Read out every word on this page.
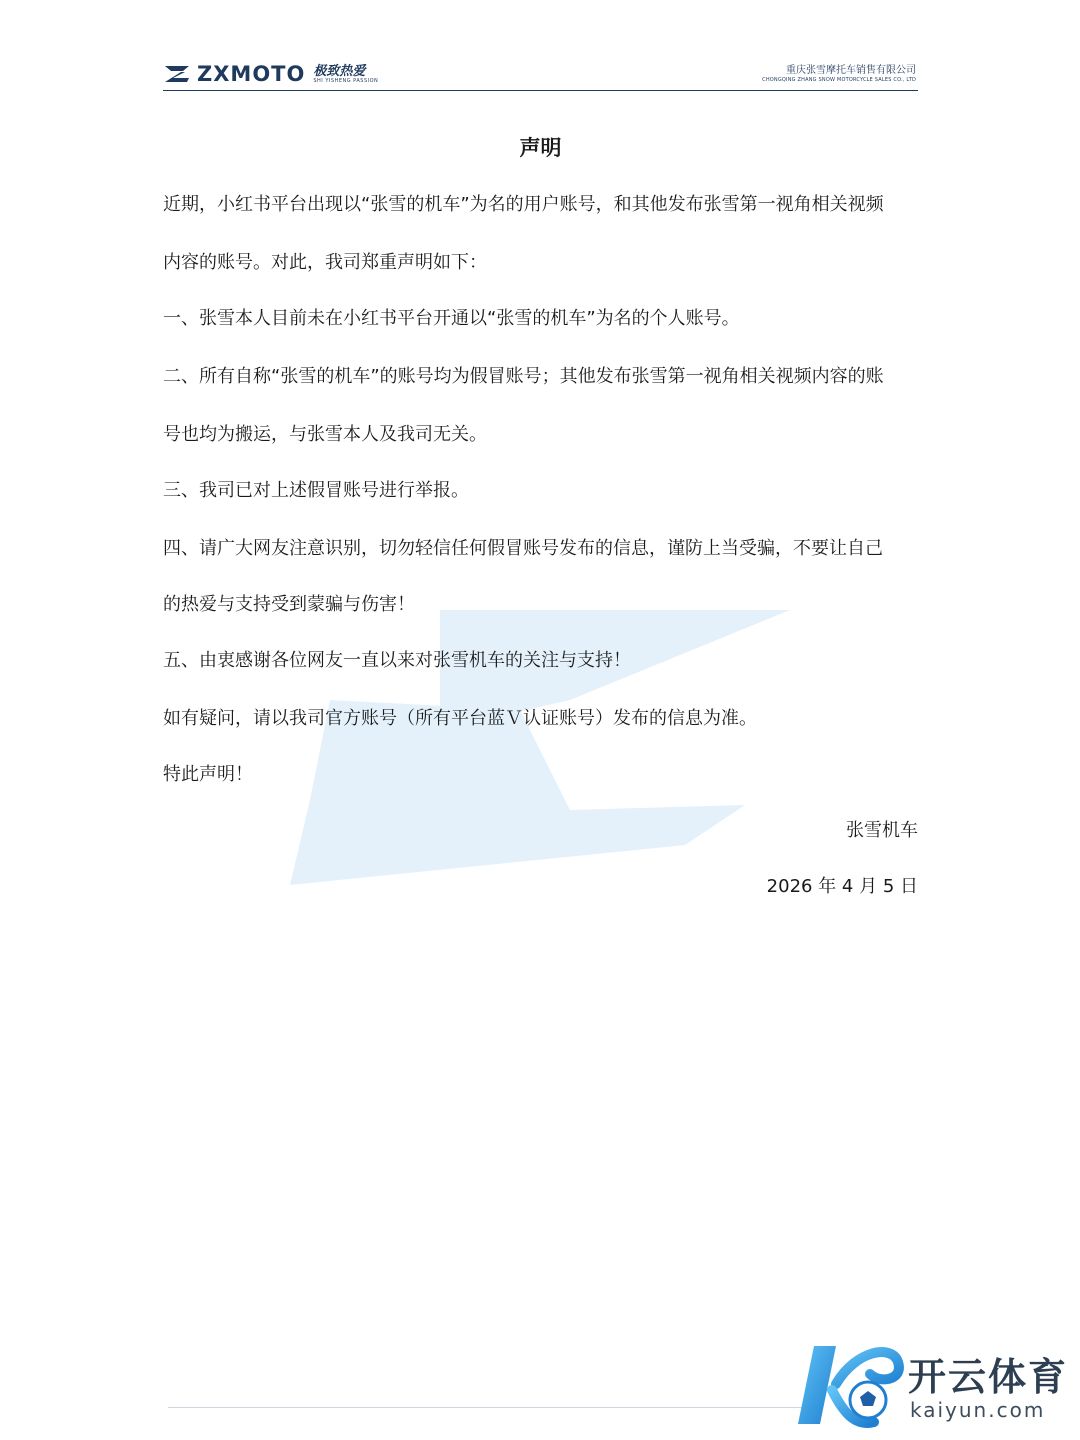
ZXMOTO 极致热爱
SHI YISHENG PASSION
重庆张雪摩托车销售有限公司
CHONGQING ZHANG SNOW MOTORCYCLE SALES CO., LTD
声明
近期，小红书平台出现以“张雪的机车”为名的用户账号，和其他发布张雪第一视角相关视频
内容的账号。对此，我司郑重声明如下：
一、张雪本人目前未在小红书平台开通以“张雪的机车”为名的个人账号。
二、所有自称“张雪的机车”的账号均为假冒账号；其他发布张雪第一视角相关视频内容的账
号也均为搬运，与张雪本人及我司无关。
三、我司已对上述假冒账号进行举报。
四、请广大网友注意识别，切勿轻信任何假冒账号发布的信息，谨防上当受骗，不要让自己
的热爱与支持受到蒙骗与伤害！
五、由衷感谢各位网友一直以来对张雪机车的关注与支持！
如有疑问，请以我司官方账号（所有平台蓝Ｖ认证账号）发布的信息为准。
特此声明！
张雪机车
2026 年 4 月 5 日
开云体育
kaiyun.com
